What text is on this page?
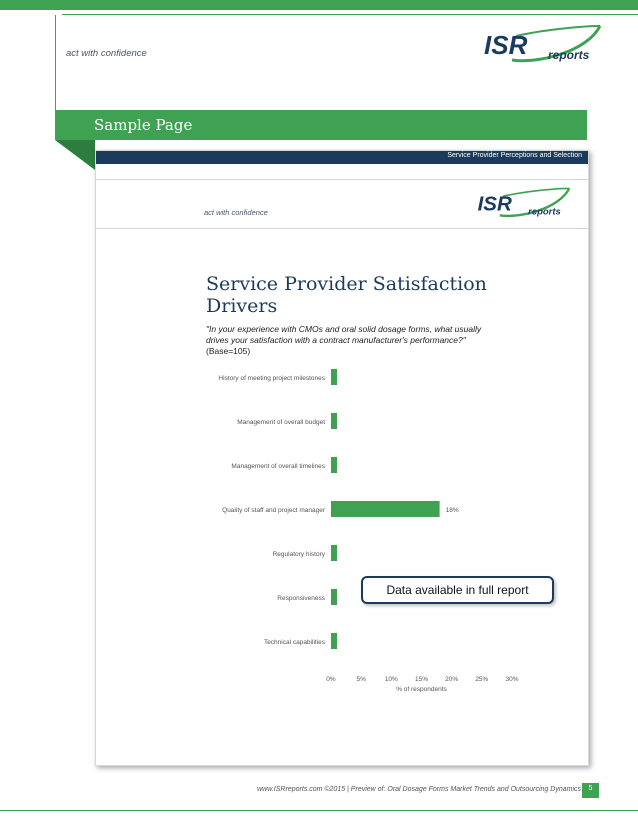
act with confidence	ISR reports
Sample Page
Service Provider Perceptions and Selection
act with confidence	ISR reports
Service Provider Satisfaction
Drivers
"In your experience with CMOs and oral solid dosage forms, what usually
drives your satisfaction with a contract manufacturer's performance?"
(Base=105)
History of meeting project milestones
Management of overall budget
Management of overall timelines
Quality of staff and project manager	18%
Regulatory history
Responsiveness
Technical capabilities
0%	5%	10%	15%	20%	25%	30%
% of respondents
Data available in full report
www.ISRreports.com ©2015 | Preview of: Oral Dosage Forms Market Trends and Outsourcing Dynamics	5
